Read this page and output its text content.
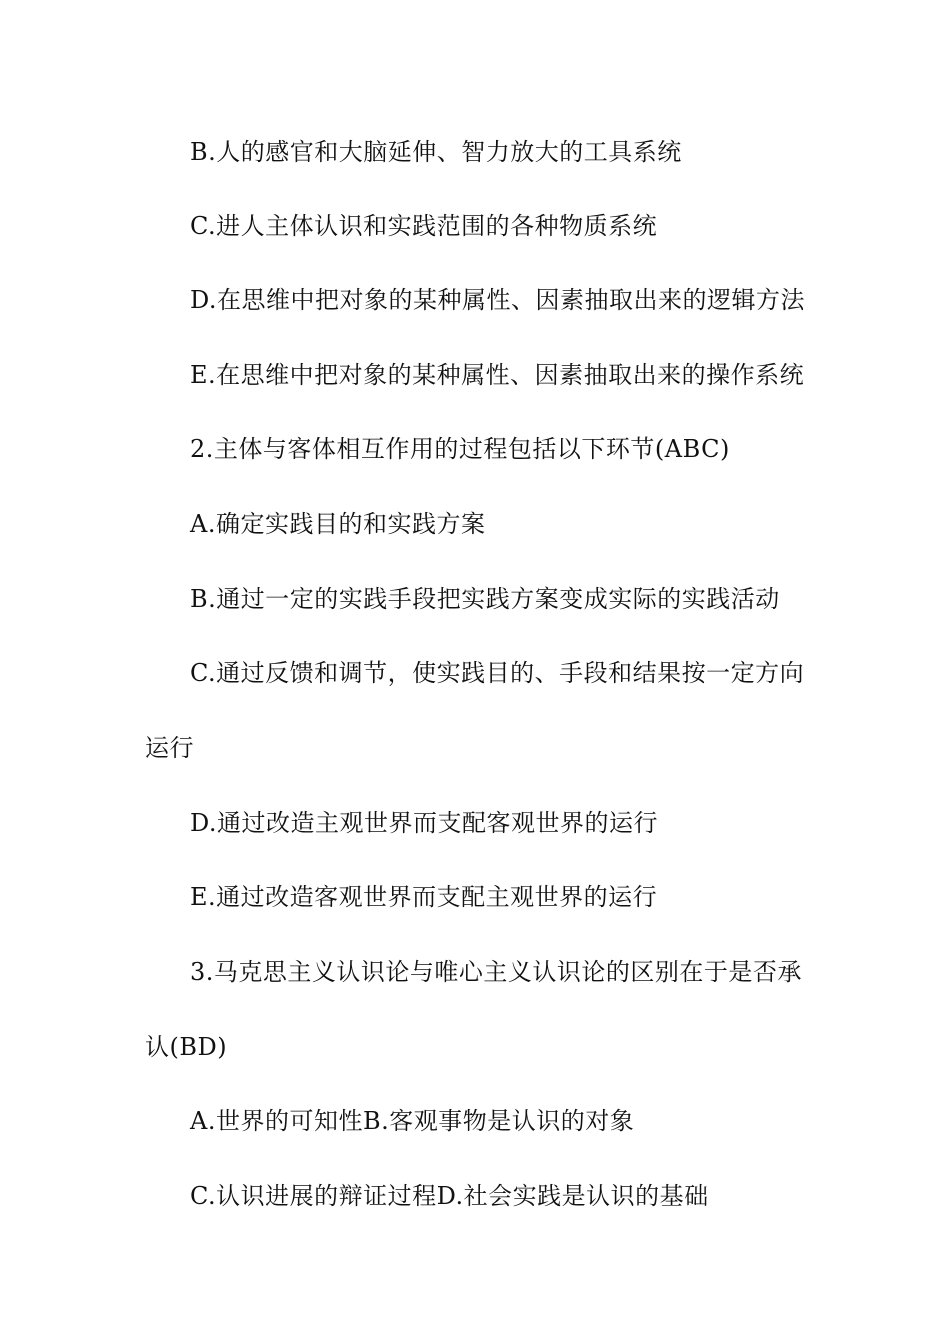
B.人的感官和大脑延伸、智力放大的工具系统
C.进人主体认识和实践范围的各种物质系统
D.在思维中把对象的某种属性、因素抽取出来的逻辑方法
E.在思维中把对象的某种属性、因素抽取出来的操作系统
2.主体与客体相互作用的过程包括以下环节(ABC)
A.确定实践目的和实践方案
B.通过一定的实践手段把实践方案变成实际的实践活动
C.通过反馈和调节，使实践目的、手段和结果按一定方向
运行
D.通过改造主观世界而支配客观世界的运行
E.通过改造客观世界而支配主观世界的运行
3.马克思主义认识论与唯心主义认识论的区别在于是否承
认(BD)
A.世界的可知性B.客观事物是认识的对象
C.认识进展的辩证过程D.社会实践是认识的基础
